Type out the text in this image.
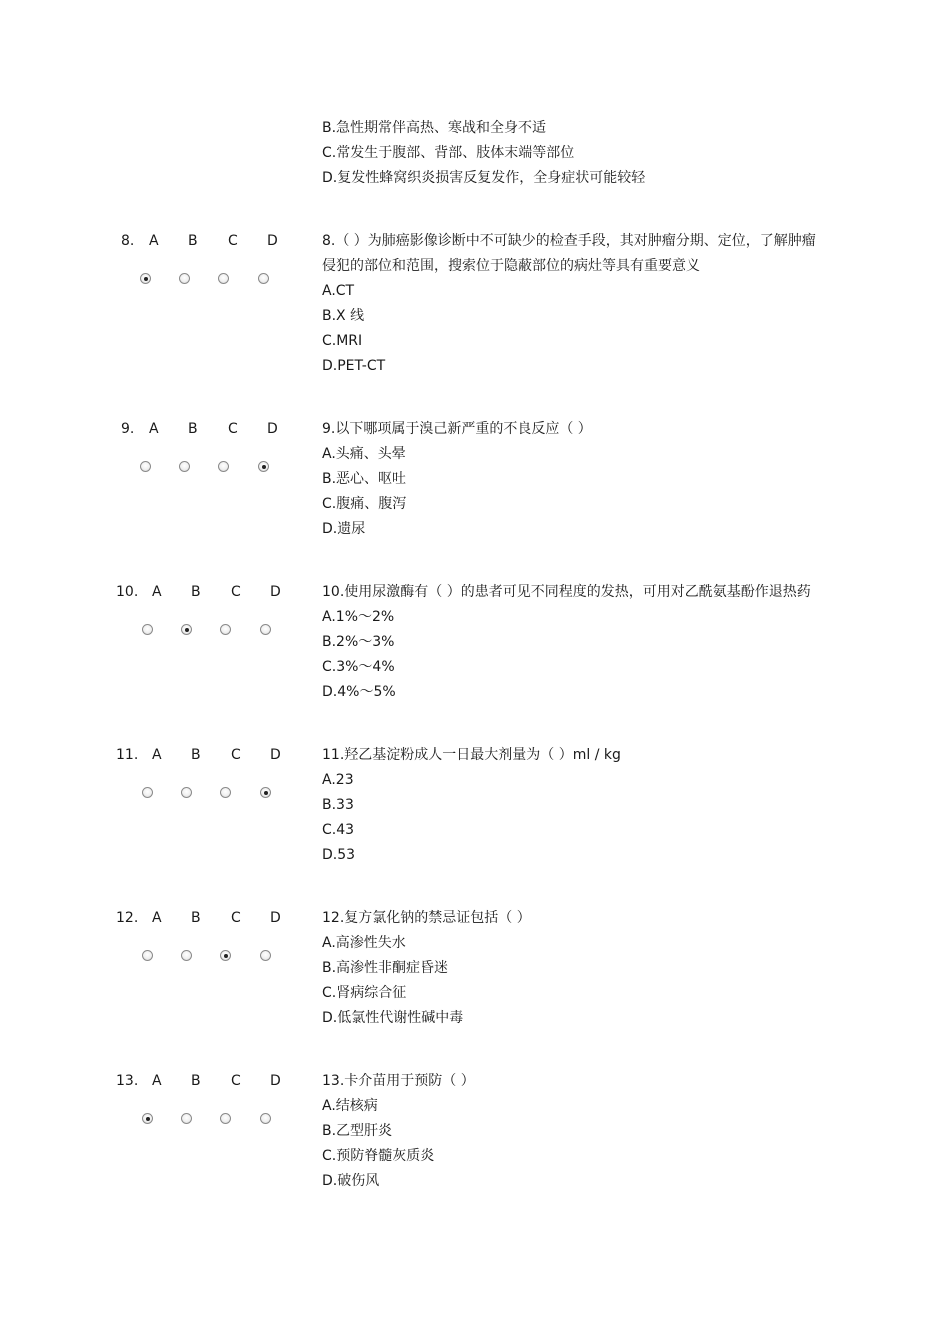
B.急性期常伴高热、寒战和全身不适
C.常发生于腹部、背部、肢体末端等部位
D.复发性蜂窝织炎损害反复发作，全身症状可能较轻
8. A B C D	8.（ ）为肺癌影像诊断中不可缺少的检查手段，其对肿瘤分期、定位，了解肿瘤
侵犯的部位和范围，搜索位于隐蔽部位的病灶等具有重要意义
A.CT
B.X 线
C.MRI
D.PET-CT
9. A B C D	9.以下哪项属于溴己新严重的不良反应（ ）
A.头痛、头晕
B.恶心、呕吐
C.腹痛、腹泻
D.遗尿
10. A B C D	10.使用尿激酶有（ ）的患者可见不同程度的发热，可用对乙酰氨基酚作退热药
A.1%～2%
B.2%～3%
C.3%～4%
D.4%～5%
11. A B C D	11.羟乙基淀粉成人一日最大剂量为（ ）ml / kg
A.23
B.33
C.43
D.53
12. A B C D	12.复方氯化钠的禁忌证包括（ ）
A.高渗性失水
B.高渗性非酮症昏迷
C.肾病综合征
D.低氯性代谢性碱中毒
13. A B C D	13.卡介苗用于预防（ ）
A.结核病
B.乙型肝炎
C.预防脊髓灰质炎
D.破伤风
